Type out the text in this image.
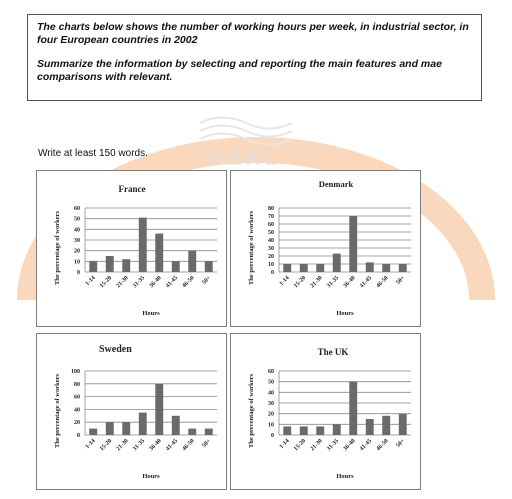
REAL

The charts below shows the number of working hours per week, in industrial sector, in

four European countries in 2002

Summarize the information by selecting and reporting the main features and mae

comparisons with relevant.

Write at least 150 words.
France
0
10
20
30
40
50
60
1-14 15-20 21-30 31-35 36-40 41-45 46-50 50+
The percentage of workers
Hours
Denmark
0
10
20
30
40
50
60
70
80
1-14 15-20 21-30 31-35 36-40 41-45 46-50 50+
The percentage of workers
Hours
Sweden
0
20
40
60
80
100
1-14 15-20 21-30 31-35 36-40 41-45 46-50 50+
The percentage of workers
Hours
The UK
0
10
20
30
40
50
60
1-14 15-20 21-30 31-35 36-40 41-45 46-50 50+
The percentage of workers
Hours
